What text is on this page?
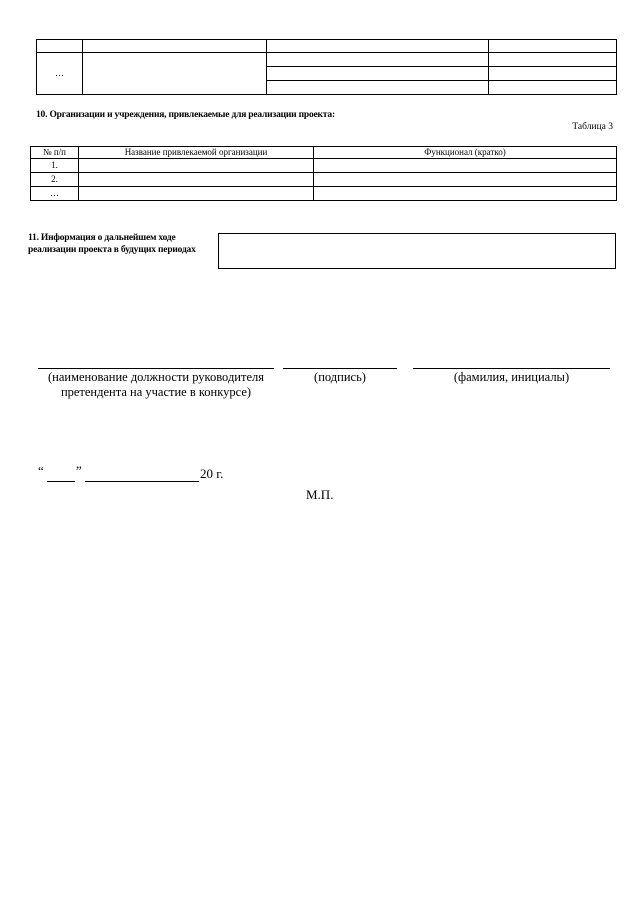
…			

10. Организации и учреждения, привлекаемые для реализации проекта:
Таблица 3
№ п/п	Название привлекаемой организации	Функционал (кратко)
1.		
2.		
…		
11. Информация о дальнейшем ходе реализации проекта в будущих периодах
(наименование должности руководителя претендента на участие в конкурсе)
(подпись)	(фамилия, инициалы)
“ ”	20 г.
М.П.
